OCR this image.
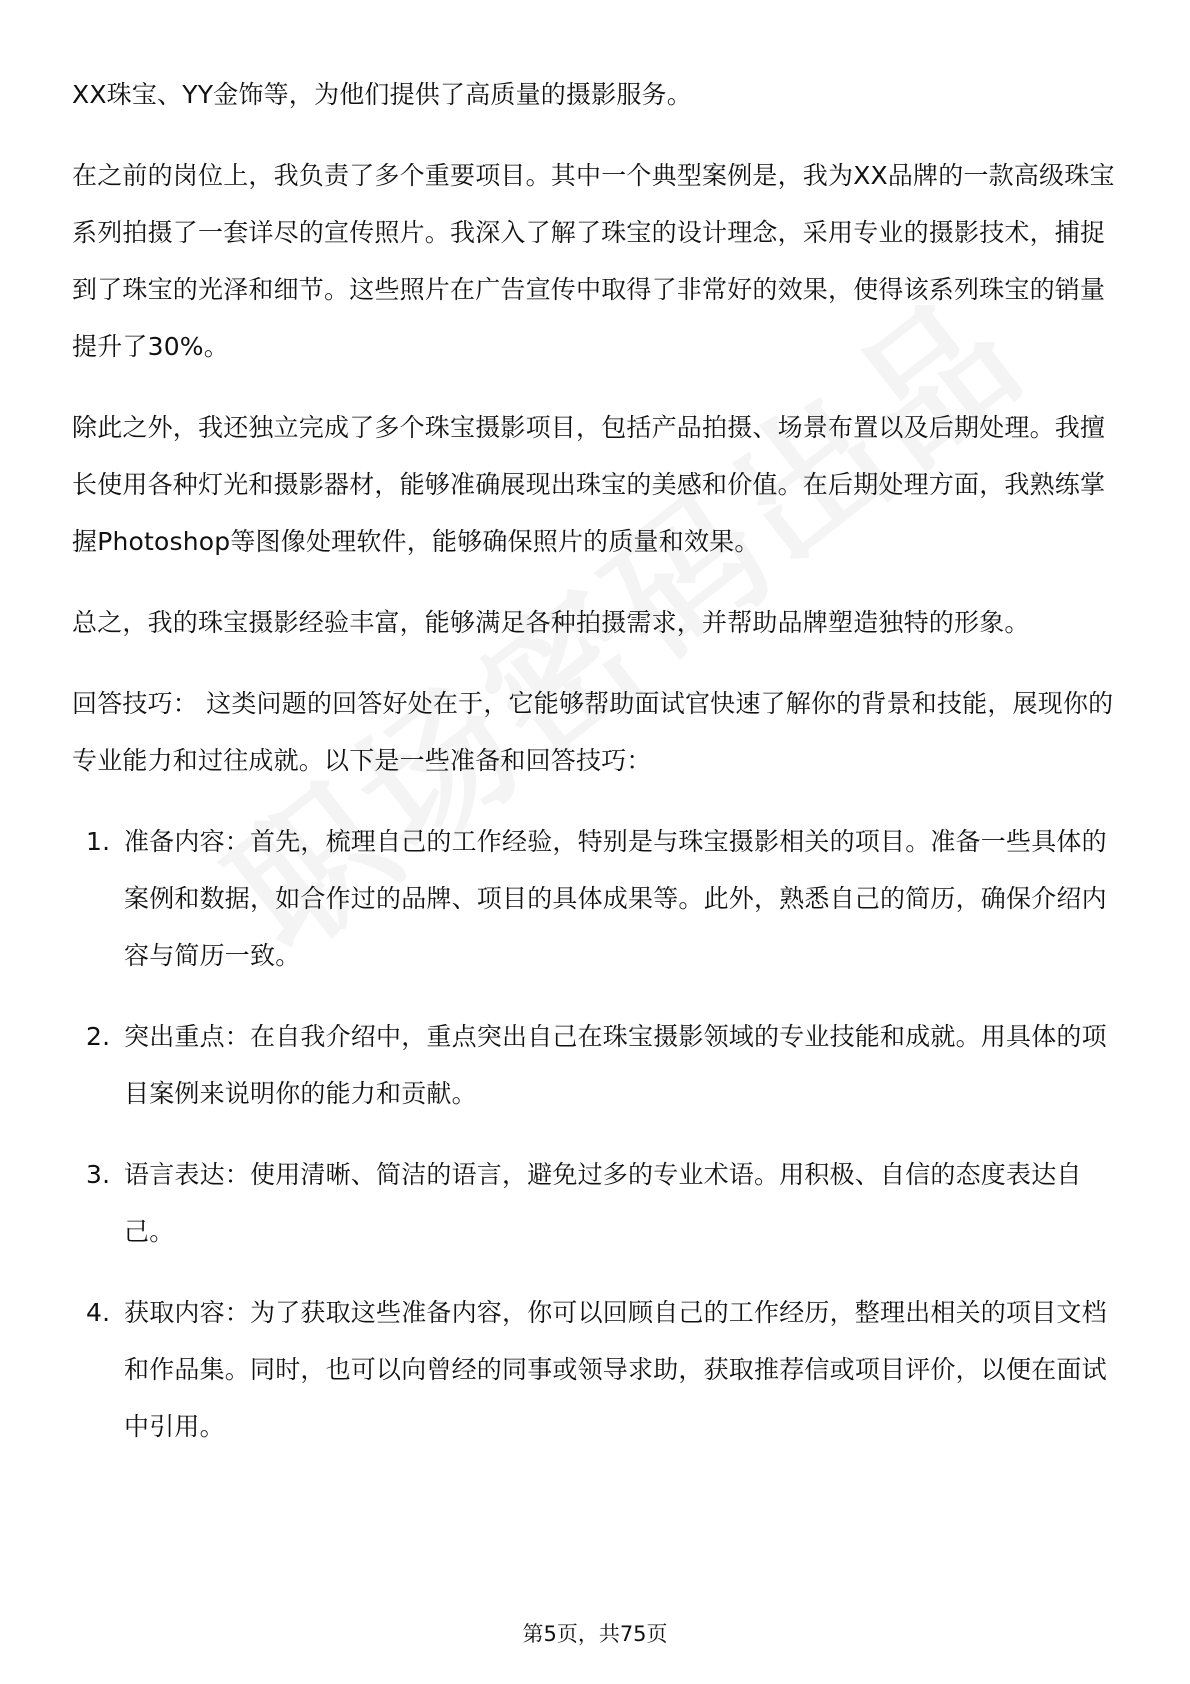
XX珠宝、YY金饰等，为他们提供了高质量的摄影服务。

在之前的岗位上，我负责了多个重要项目。其中一个典型案例是，我为XX品牌的一款高级珠宝系列拍摄了一套详尽的宣传照片。我深入了解了珠宝的设计理念，采用专业的摄影技术，捕捉到了珠宝的光泽和细节。这些照片在广告宣传中取得了非常好的效果，使得该系列珠宝的销量提升了30%。

除此之外，我还独立完成了多个珠宝摄影项目，包括产品拍摄、场景布置以及后期处理。我擅长使用各种灯光和摄影器材，能够准确展现出珠宝的美感和价值。在后期处理方面，我熟练掌握Photoshop等图像处理软件，能够确保照片的质量和效果。

总之，我的珠宝摄影经验丰富，能够满足各种拍摄需求，并帮助品牌塑造独特的形象。

回答技巧： 这类问题的回答好处在于，它能够帮助面试官快速了解你的背景和技能，展现你的专业能力和过往成就。以下是一些准备和回答技巧：

1. 准备内容：首先，梳理自己的工作经验，特别是与珠宝摄影相关的项目。准备一些具体的案例和数据，如合作过的品牌、项目的具体成果等。此外，熟悉自己的简历，确保介绍内容与简历一致。
2. 突出重点：在自我介绍中，重点突出自己在珠宝摄影领域的专业技能和成就。用具体的项目案例来说明你的能力和贡献。
3. 语言表达：使用清晰、简洁的语言，避免过多的专业术语。用积极、自信的态度表达自己。
4. 获取内容：为了获取这些准备内容，你可以回顾自己的工作经历，整理出相关的项目文档和作品集。同时，也可以向曾经的同事或领导求助，获取推荐信或项目评价，以便在面试中引用。
第5页，共75页
